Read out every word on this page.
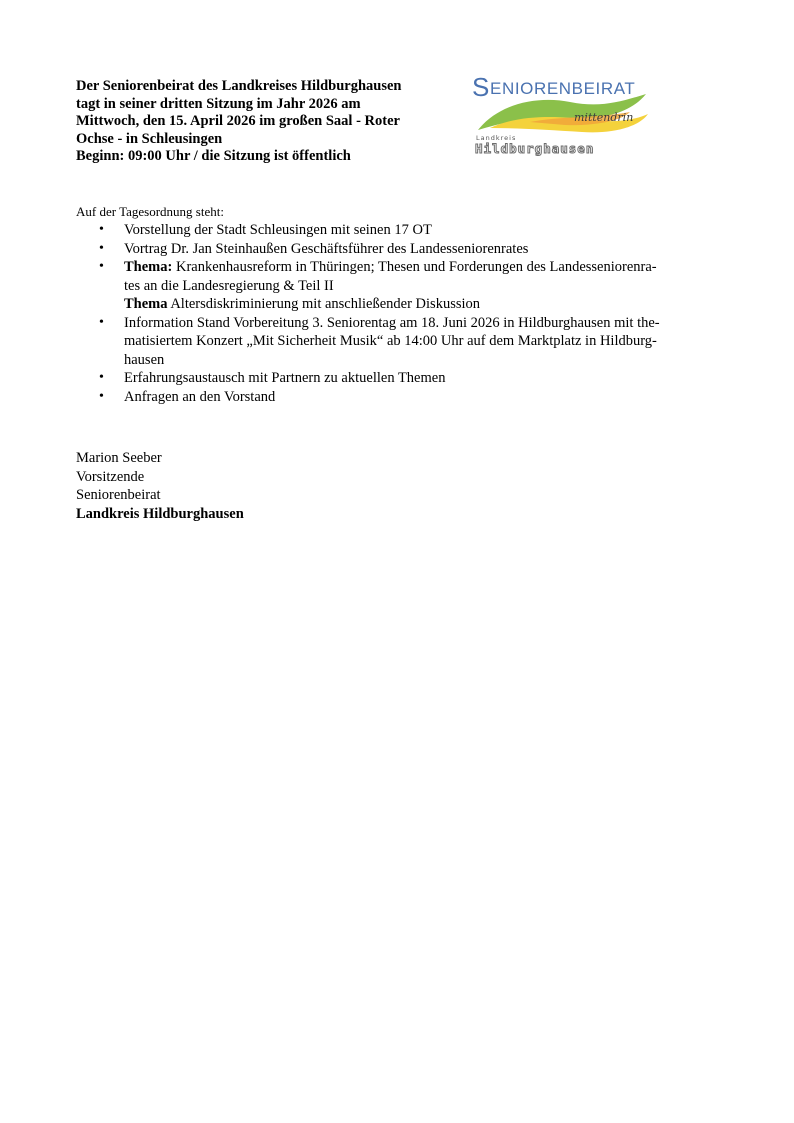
Der Seniorenbeirat des Landkreises Hildburghausen
tagt in seiner dritten Sitzung im Jahr 2026 am
Mittwoch, den 15. April 2026 im großen Saal - Roter
Ochse - in Schleusingen
Beginn: 09:00 Uhr / die Sitzung ist öffentlich
S ENIORENBEIRAT
mittendrin
Landkreis
Hildburghausen
Auf der Tagesordnung steht:
• Vorstellung der Stadt Schleusingen mit seinen 17 OT
• Vortrag Dr. Jan Steinhaußen Geschäftsführer des Landesseniorenrates
• Thema: Krankenhausreform in Thüringen; Thesen und Forderungen des Landesseniorenra-
tes an die Landesregierung & Teil II
Thema Altersdiskriminierung mit anschließender Diskussion
• Information Stand Vorbereitung 3. Seniorentag am 18. Juni 2026 in Hildburghausen mit the-
matisiertem Konzert „Mit Sicherheit Musik“ ab 14:00 Uhr auf dem Marktplatz in Hildburg-
hausen
• Erfahrungsaustausch mit Partnern zu aktuellen Themen
• Anfragen an den Vorstand
Marion Seeber
Vorsitzende
Seniorenbeirat
Landkreis Hildburghausen
